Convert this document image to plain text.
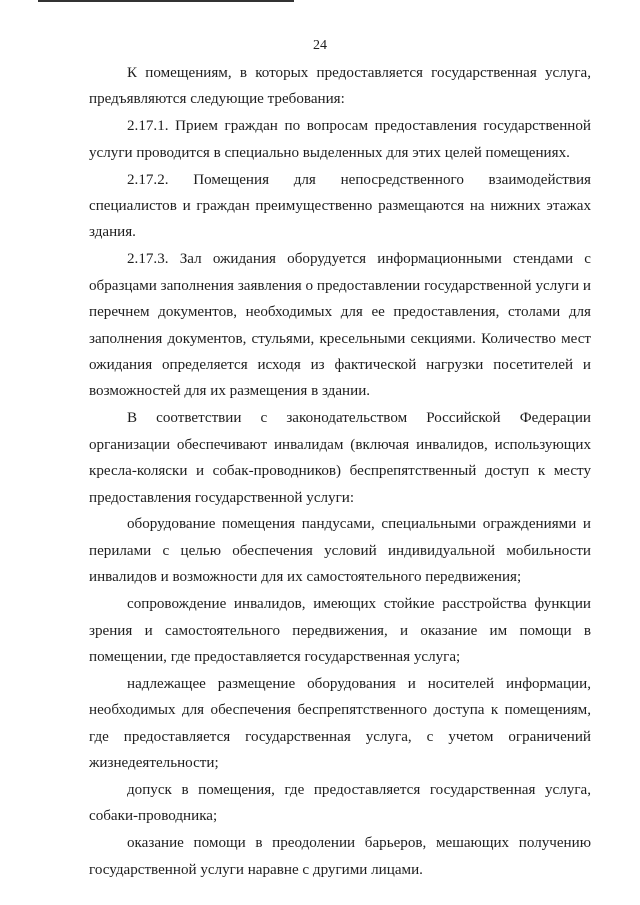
24

К помещениям, в которых предоставляется государственная услуга, предъявляются следующие требования:

2.17.1. Прием граждан по вопросам предоставления государственной услуги проводится в специально выделенных для этих целей помещениях.

2.17.2. Помещения для непосредственного взаимодействия специалистов и граждан преимущественно размещаются на нижних этажах здания.

2.17.3. Зал ожидания оборудуется информационными стендами с образцами заполнения заявления о предоставлении государственной услуги и перечнем документов, необходимых для ее предоставления, столами для заполнения документов, стульями, кресельными секциями. Количество мест ожидания определяется исходя из фактической нагрузки посетителей и возможностей для их размещения в здании.

В соответствии с законодательством Российской Федерации организации обеспечивают инвалидам (включая инвалидов, использующих кресла-коляски и собак-проводников) беспрепятственный доступ к месту предоставления государственной услуги:

оборудование помещения пандусами, специальными ограждениями и перилами с целью обеспечения условий индивидуальной мобильности инвалидов и возможности для их самостоятельного передвижения;

сопровождение инвалидов, имеющих стойкие расстройства функции зрения и самостоятельного передвижения, и оказание им помощи в помещении, где предоставляется государственная услуга;

надлежащее размещение оборудования и носителей информации, необходимых для обеспечения беспрепятственного доступа к помещениям, где предоставляется государственная услуга, с учетом ограничений жизнедеятельности;

допуск в помещения, где предоставляется государственная услуга, собаки-проводника;

оказание помощи в преодолении барьеров, мешающих получению государственной услуги наравне с другими лицами.
